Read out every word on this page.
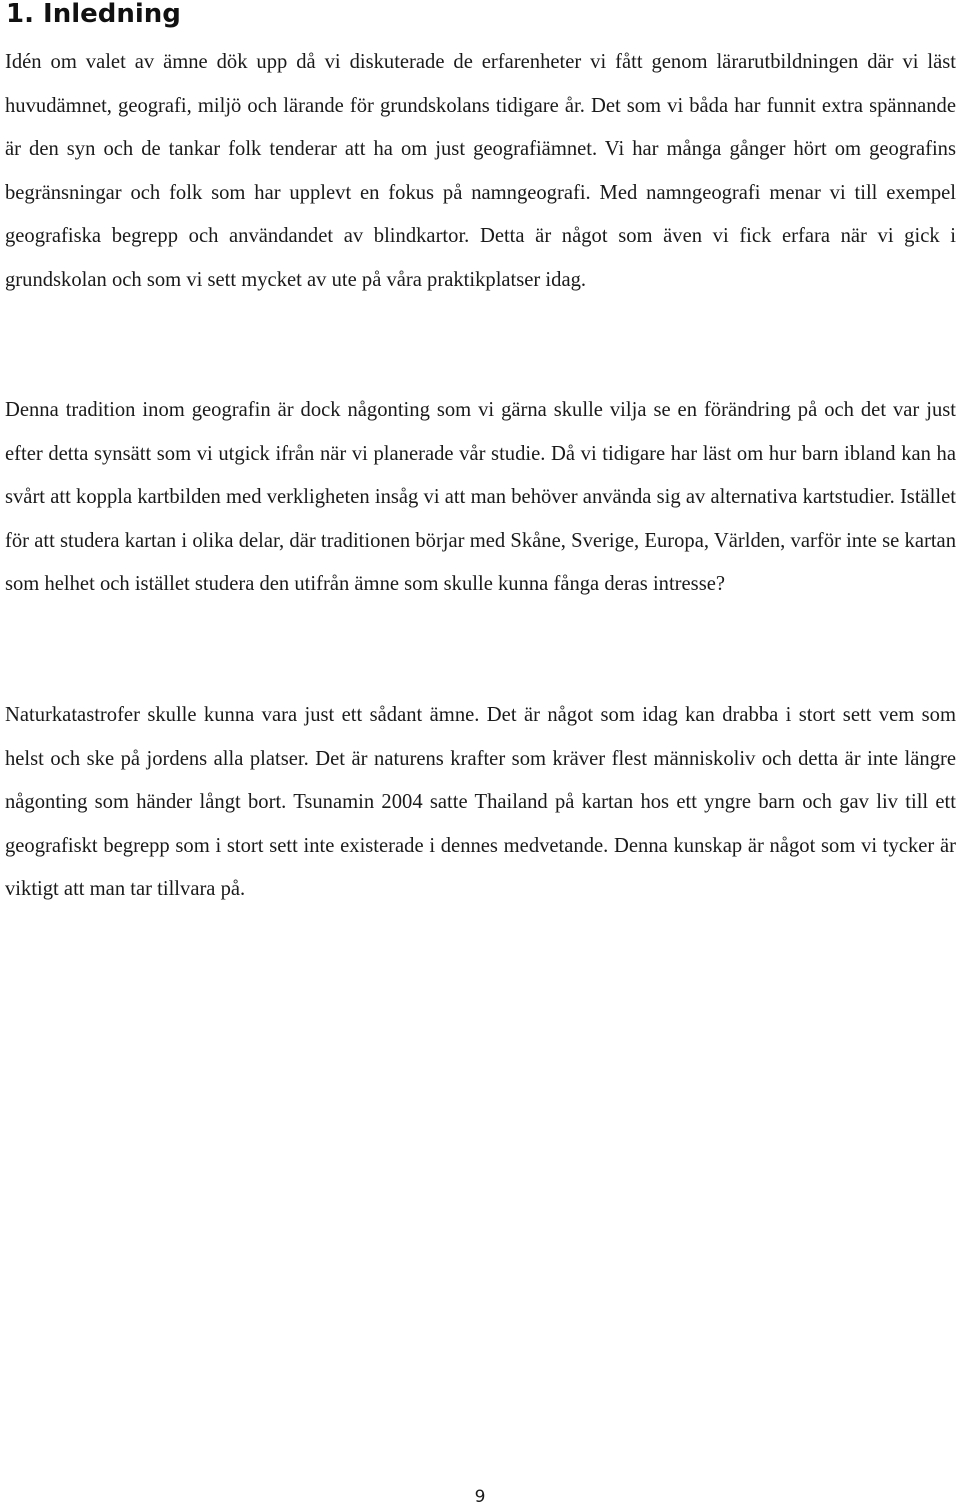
1. Inledning

Idén om valet av ämne dök upp då vi diskuterade de erfarenheter vi fått genom lärarutbildningen där vi läst huvudämnet, geografi, miljö och lärande för grundskolans tidigare år. Det som vi båda har funnit extra spännande är den syn och de tankar folk tenderar att ha om just geografiämnet. Vi har många gånger hört om geografins begränsningar och folk som har upplevt en fokus på namngeografi. Med namngeografi menar vi till exempel geografiska begrepp och användandet av blindkartor. Detta är något som även vi fick erfara när vi gick i grundskolan och som vi sett mycket av ute på våra praktikplatser idag.

Denna tradition inom geografin är dock någonting som vi gärna skulle vilja se en förändring på och det var just efter detta synsätt som vi utgick ifrån när vi planerade vår studie. Då vi tidigare har läst om hur barn ibland kan ha svårt att koppla kartbilden med verkligheten insåg vi att man behöver använda sig av alternativa kartstudier. Istället för att studera kartan i olika delar, där traditionen börjar med Skåne, Sverige, Europa, Världen, varför inte se kartan som helhet och istället studera den utifrån ämne som skulle kunna fånga deras intresse?

Naturkatastrofer skulle kunna vara just ett sådant ämne. Det är något som idag kan drabba i stort sett vem som helst och ske på jordens alla platser. Det är naturens krafter som kräver flest människoliv och detta är inte längre någonting som händer långt bort. Tsunamin 2004 satte Thailand på kartan hos ett yngre barn och gav liv till ett geografiskt begrepp som i stort sett inte existerade i dennes medvetande. Denna kunskap är något som vi tycker är viktigt att man tar tillvara på.

9
